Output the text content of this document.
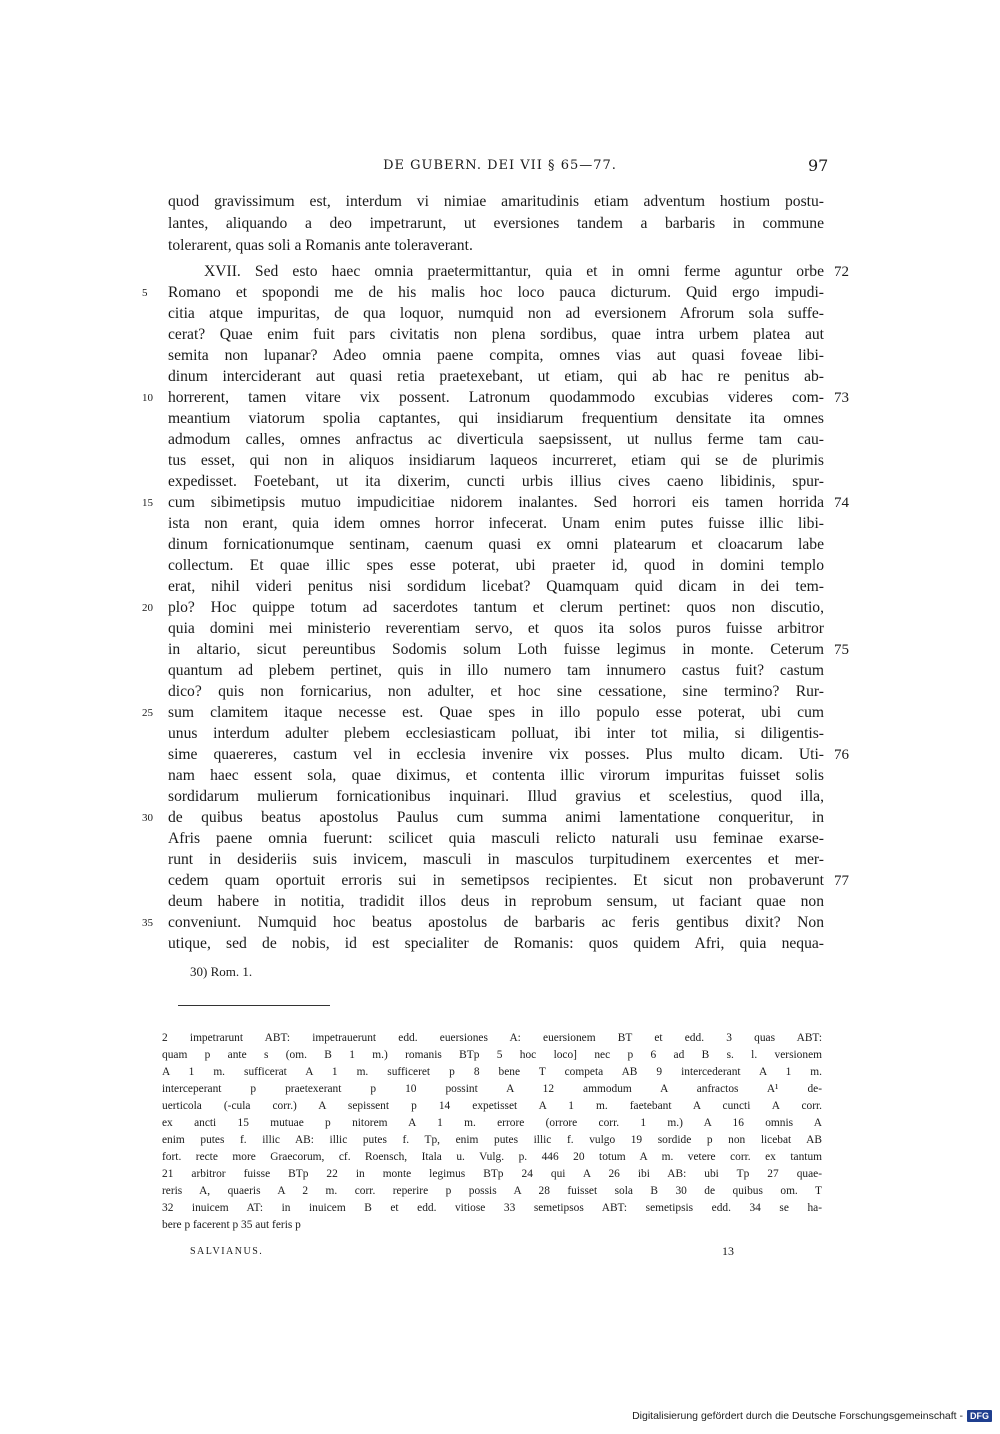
DE GUBERN. DEI VII § 65—77.	97
quod gravissimum est, interdum vi nimiae amaritudinis etiam adventum hostium postu-
lantes, aliquando a deo impetrarunt, ut eversiones tandem a barbaris in commune
tolerarent, quas soli a Romanis ante toleraverant.
XVII. Sed esto haec omnia praetermittantur, quia et in omni ferme aguntur orbe
Romano et spopondi me de his malis hoc loco pauca dicturum. Quid ergo impudi-
citia atque impuritas, de qua loquor, numquid non ad eversionem Afrorum sola suffe-
cerat? Quae enim fuit pars civitatis non plena sordibus, quae intra urbem platea aut
semita non lupanar? Adeo omnia paene compita, omnes vias aut quasi foveae libi-
dinum interciderant aut quasi retia praetexebant, ut etiam, qui ab hac re penitus ab-
horrerent, tamen vitare vix possent. Latronum quodammodo excubias videres com-
meantium viatorum spolia captantes, qui insidiarum frequentium densitate ita omnes
admodum calles, omnes anfractus ac diverticula saepsissent, ut nullus ferme tam cau-
tus esset, qui non in aliquos insidiarum laqueos incurreret, etiam qui se de plurimis
expedisset. Foetebant, ut ita dixerim, cuncti urbis illius cives caeno libidinis, spur-
cum sibimetipsis mutuo impudicitiae nidorem inalantes. Sed horrori eis tamen horrida
ista non erant, quia idem omnes horror infecerat. Unam enim putes fuisse illic libi-
dinum fornicationumque sentinam, caenum quasi ex omni platearum et cloacarum labe
collectum. Et quae illic spes esse poterat, ubi praeter id, quod in domini templo
erat, nihil videri penitus nisi sordidum licebat? Quamquam quid dicam in dei tem-
plo? Hoc quippe totum ad sacerdotes tantum et clerum pertinet: quos non discutio,
quia domini mei ministerio reverentiam servo, et quos ita solos puros fuisse arbitror
in altario, sicut pereuntibus Sodomis solum Loth fuisse legimus in monte. Ceterum
quantum ad plebem pertinet, quis in illo numero tam innumero castus fuit? castum
dico? quis non fornicarius, non adulter, et hoc sine cessatione, sine termino? Rur-
sum clamitem itaque necesse est. Quae spes in illo populo esse poterat, ubi cum
unus interdum adulter plebem ecclesiasticam polluat, ibi inter tot milia, si diligentis-
sime quaereres, castum vel in ecclesia invenire vix posses. Plus multo dicam. Uti-
nam haec essent sola, quae diximus, et contenta illic virorum impuritas fuisset solis
sordidarum mulierum fornicationibus inquinari. Illud gravius et scelestius, quod illa,
de quibus beatus apostolus Paulus cum summa animi lamentatione conqueritur, in
Afris paene omnia fuerunt: scilicet quia masculi relicto naturali usu feminae exarse-
runt in desideriis suis invicem, masculi in masculos turpitudinem exercentes et mer-
cedem quam oportuit erroris sui in semetipsos recipientes. Et sicut non probaverunt
deum habere in notitia, tradidit illos deus in reprobum sensum, ut faciant quae non
conveniunt. Numquid hoc beatus apostolus de barbaris ac feris gentibus dixit? Non
utique, sed de nobis, id est specialiter de Romanis: quos quidem Afri, quia nequa-
5
10
15
20
25
30
35
72
73
74
75
76
77
30) Rom. 1.
2 impetrarunt ABT: impetrauerunt edd. euersiones A: euersionem BT et edd. 3 quas ABT:
quam p ante s (om. B 1 m.) romanis BTp 5 hoc loco] nec p 6 ad B s. l. versionem
A 1 m. sufficerat A 1 m. sufficeret p 8 bene T competa AB 9 intercederant A 1 m.
interceperant p praetexerant p 10 possint A 12 ammodum A anfractos A¹ de-
uerticola (-cula corr.) A sepissent p 14 expetisset A 1 m. faetebant A cuncti A corr.
ex ancti 15 mutuae p nitorem A 1 m. errore (orrore corr. 1 m.) A 16 omnis A
enim putes f. illic AB: illic putes f. Tp, enim putes illic f. vulgo 19 sordide p non licebat AB
fort. recte more Graecorum, cf. Roensch, Itala u. Vulg. p. 446 20 totum A m. vetere corr. ex tantum
21 arbitror fuisse BTp 22 in monte legimus BTp 24 qui A 26 ibi AB: ubi Tp 27 quae-
reris A, quaeris A 2 m. corr. reperire p possis A 28 fuisset sola B 30 de quibus om. T
32 inuicem AT: in inuicem B et edd. vitiose 33 semetipsos ABT: semetipsis edd. 34 se ha-
bere p facerent p 35 aut feris p
SALVIANUS.	13
Digitalisierung gefördert durch die Deutsche Forschungsgemeinschaft - DFG
